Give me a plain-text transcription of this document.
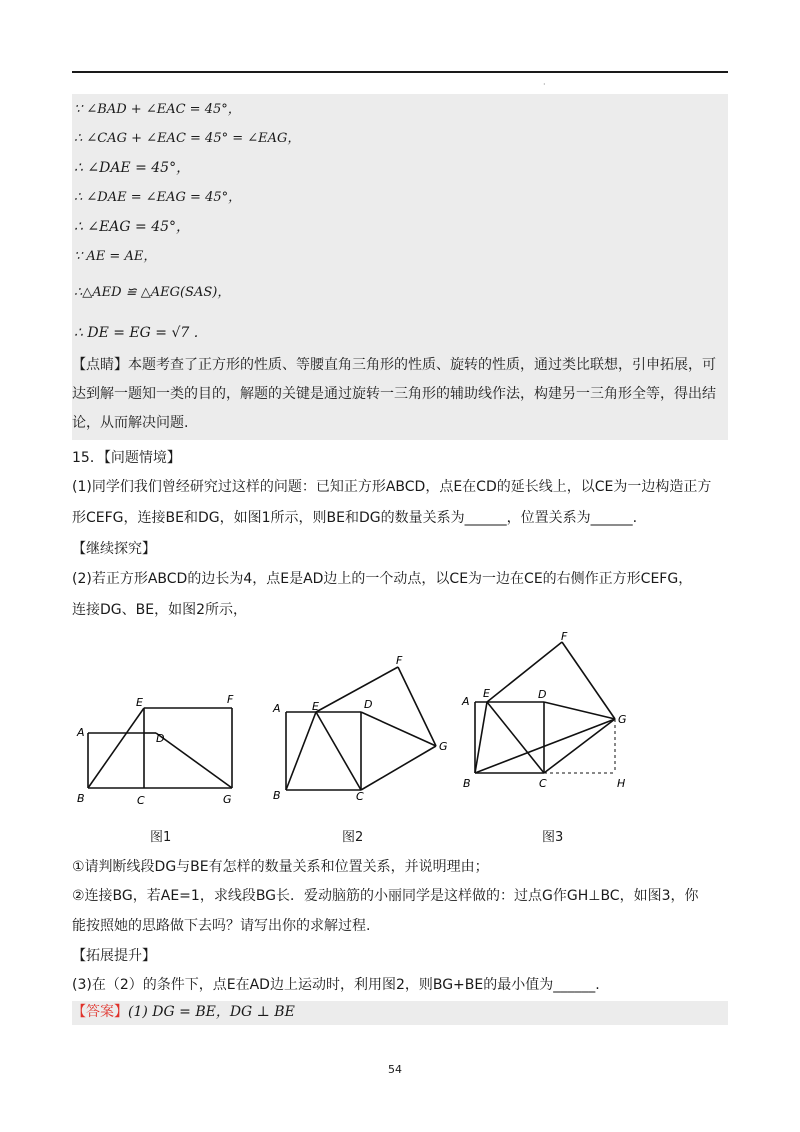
·
∵ ∠BAD + ∠EAC = 45°，
∴ ∠CAG + ∠EAC = 45° = ∠EAG，
∴ ∠DAE = 45°，
∴ ∠DAE = ∠EAG = 45°，
∴ ∠EAG = 45°，
∵ AE = AE，
∴△AED ≌ △AEG(SAS)，
∴ DE = EG = √7 .
【点睛】本题考查了正方形的性质、等腰直角三角形的性质、旋转的性质，通过类比联想，引申拓展，可
达到解一题知一类的目的，解题的关键是通过旋转一三角形的辅助线作法，构建另一三角形全等，得出结
论，从而解决问题.
15．【问题情境】
(1)同学们我们曾经研究过这样的问题：已知正方形ABCD，点E在CD的延长线上，以CE为一边构造正方
形CEFG，连接BE和DG，如图1所示，则BE和DG的数量关系为______，位置关系为______.
【继续探究】
(2)若正方形ABCD的边长为4，点E是AD边上的一个动点，以CE为一边在CE的右侧作正方形CEFG，
连接DG、BE，如图2所示，
A
E	F
D
B	C	G
图1
A	E	D
F
G
B	C
图2
A
E	D
F
G
B	C	H
图3
①请判断线段DG与BE有怎样的数量关系和位置关系，并说明理由；
②连接BG，若AE=1，求线段BG长．爱动脑筋的小丽同学是这样做的：过点G作GH⊥BC，如图3，你
能按照她的思路做下去吗？请写出你的求解过程.
【拓展提升】
(3)在（2）的条件下，点E在AD边上运动时，利用图2，则BG+BE的最小值为______.
【答案】(1) DG = BE，DG ⊥ BE
54
